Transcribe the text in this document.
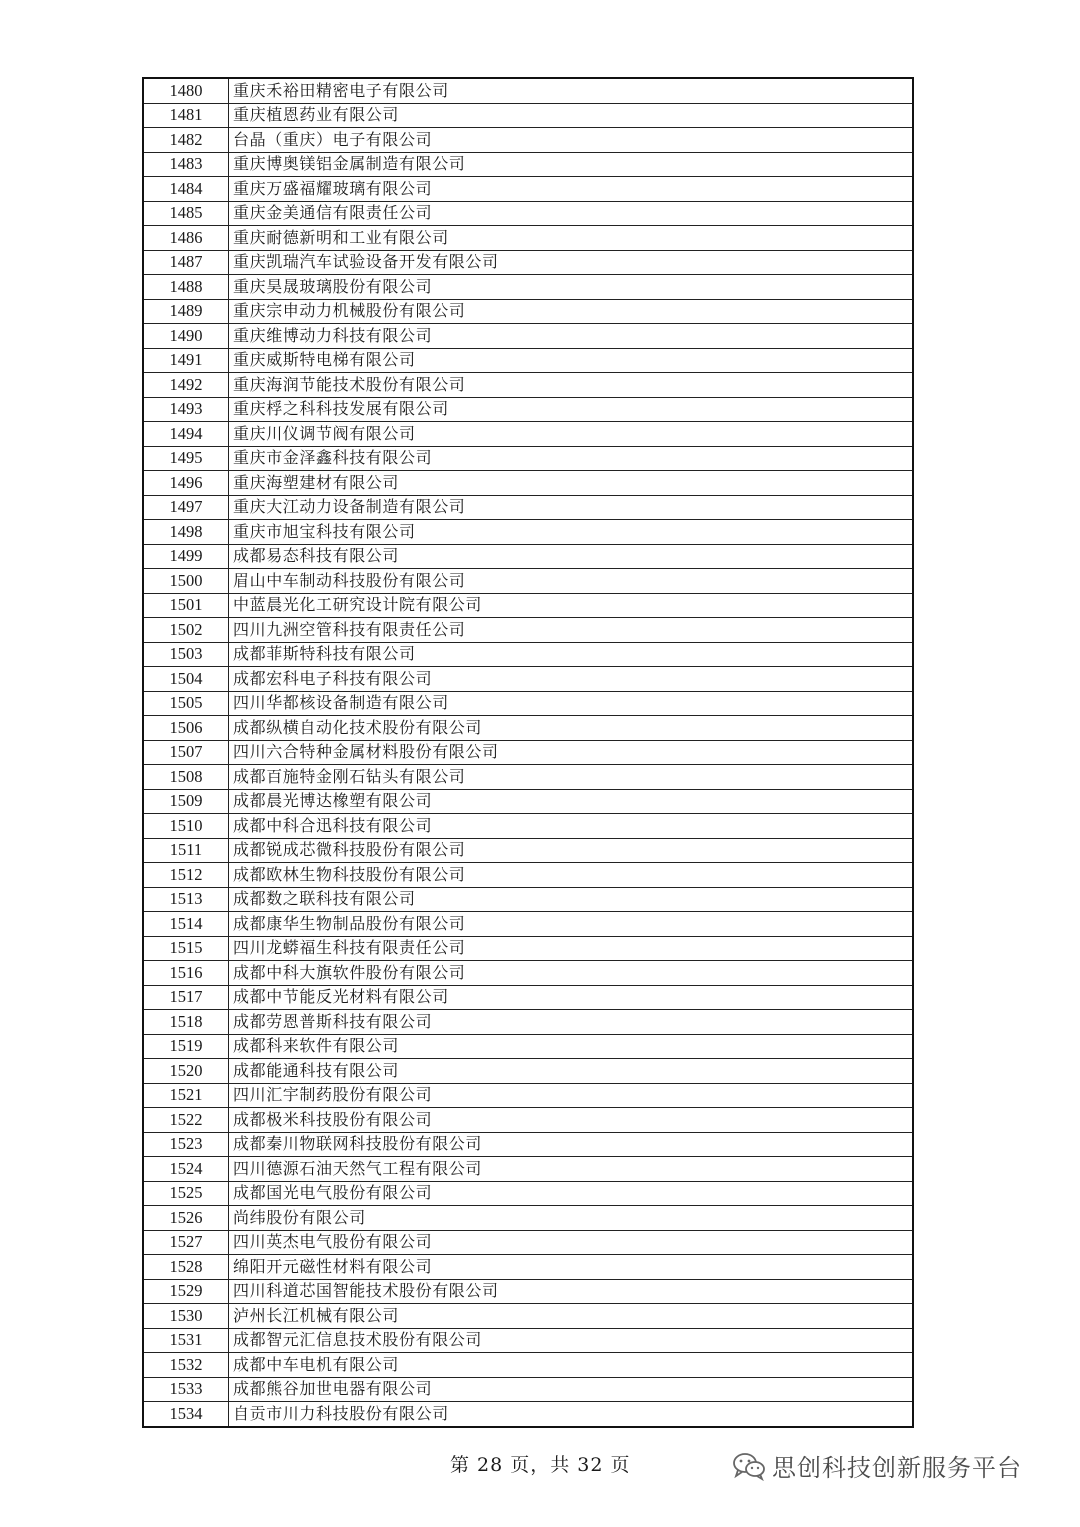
1480	重庆禾裕田精密电子有限公司
1481	重庆植恩药业有限公司
1482	台晶（重庆）电子有限公司
1483	重庆博奥镁铝金属制造有限公司
1484	重庆万盛福耀玻璃有限公司
1485	重庆金美通信有限责任公司
1486	重庆耐德新明和工业有限公司
1487	重庆凯瑞汽车试验设备开发有限公司
1488	重庆昊晟玻璃股份有限公司
1489	重庆宗申动力机械股份有限公司
1490	重庆维博动力科技有限公司
1491	重庆威斯特电梯有限公司
1492	重庆海润节能技术股份有限公司
1493	重庆桴之科科技发展有限公司
1494	重庆川仪调节阀有限公司
1495	重庆市金泽鑫科技有限公司
1496	重庆海塑建材有限公司
1497	重庆大江动力设备制造有限公司
1498	重庆市旭宝科技有限公司
1499	成都易态科技有限公司
1500	眉山中车制动科技股份有限公司
1501	中蓝晨光化工研究设计院有限公司
1502	四川九洲空管科技有限责任公司
1503	成都菲斯特科技有限公司
1504	成都宏科电子科技有限公司
1505	四川华都核设备制造有限公司
1506	成都纵横自动化技术股份有限公司
1507	四川六合特种金属材料股份有限公司
1508	成都百施特金刚石钻头有限公司
1509	成都晨光博达橡塑有限公司
1510	成都中科合迅科技有限公司
1511	成都锐成芯微科技股份有限公司
1512	成都欧林生物科技股份有限公司
1513	成都数之联科技有限公司
1514	成都康华生物制品股份有限公司
1515	四川龙蟒福生科技有限责任公司
1516	成都中科大旗软件股份有限公司
1517	成都中节能反光材料有限公司
1518	成都劳恩普斯科技有限公司
1519	成都科来软件有限公司
1520	成都能通科技有限公司
1521	四川汇宇制药股份有限公司
1522	成都极米科技股份有限公司
1523	成都秦川物联网科技股份有限公司
1524	四川德源石油天然气工程有限公司
1525	成都国光电气股份有限公司
1526	尚纬股份有限公司
1527	四川英杰电气股份有限公司
1528	绵阳开元磁性材料有限公司
1529	四川科道芯国智能技术股份有限公司
1530	泸州长江机械有限公司
1531	成都智元汇信息技术股份有限公司
1532	成都中车电机有限公司
1533	成都熊谷加世电器有限公司
1534	自贡市川力科技股份有限公司
第 28 页，共 32 页	思创科技创新服务平台
